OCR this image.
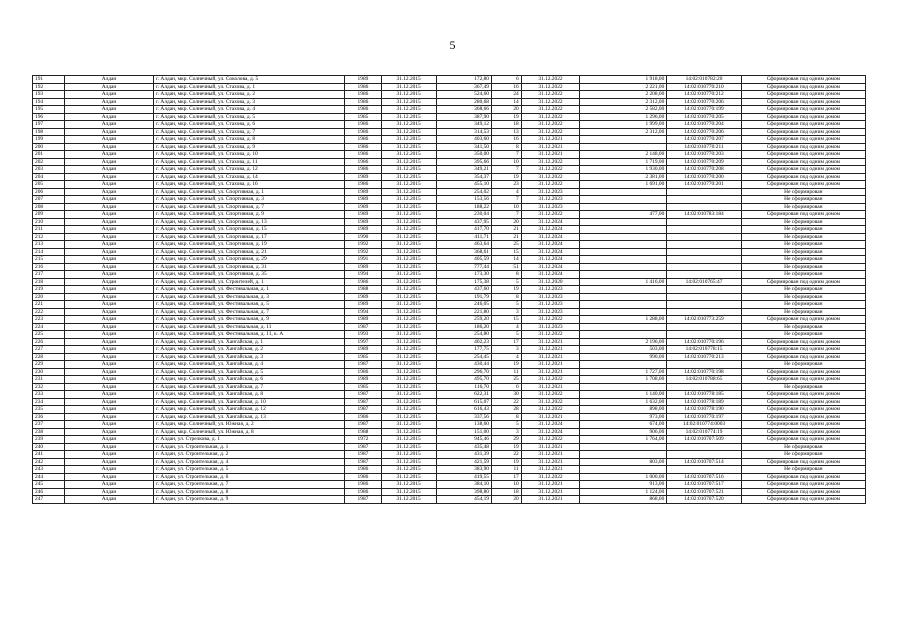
5
191	Алдан	г. Алдан, мкр. Солнечный, ул. Соколова, д. 5	1989	31.12.2015	172,80	6	31.12.2022	1 918,00	14:02:010782:20	Сформирован под одним домом
192	Алдан	г. Алдан, мкр. Солнечный, ул. Стахова, д. 1	1986	31.12.2015	367,49	16	31.12.2022	2 221,00	14:02:010770:210	Сформирован под одним домом
193	Алдан	г. Алдан, мкр. Солнечный, ул. Стахова, д. 2	1986	31.12.2015	524,60	24	31.12.2022	2 208,00	14:02:010770:212	Сформирован под одним домом
194	Алдан	г. Алдан, мкр. Солнечный, ул. Стахова, д. 3	1986	31.12.2015	280,68	14	31.12.2022	2 312,00	14:02:010770:206	Сформирован под одним домом
195	Алдан	г. Алдан, мкр. Солнечный, ул. Стахова, д. 4	1986	31.12.2015	368,66	20	31.12.2022	2 582,00	14:02:010770:199	Сформирован под одним домом
196	Алдан	г. Алдан, мкр. Солнечный, ул. Стахова, д. 5	1985	31.12.2015	387,90	19	31.12.2022	1 296,00	14:02:010770:205	Сформирован под одним домом
197	Алдан	г. Алдан, мкр. Солнечный, ул. Стахова, д. 6	1986	31.12.2015	349,12	18	31.12.2022	1 999,00	14:02:010770:204	Сформирован под одним домом
198	Алдан	г. Алдан, мкр. Солнечный, ул. Стахова, д. 7	1986	31.12.2015	314,53	13	31.12.2022	2 312,00	14:02:020770:206	Сформирован под одним домом
199	Алдан	г. Алдан, мкр. Солнечный, ул. Стахова, д. 8	1986	31.12.2015	403,60	16	31.12.2021		14:02:010770:207	Сформирован под одним домом
200	Алдан	г. Алдан, мкр. Солнечный, ул. Стахова, д. 9	1986	31.12.2015	341,50	8	31.12.2021		14:02:010770:211	Сформирован под одним домом
201	Алдан	г. Алдан, мкр. Солнечный, ул. Стахова, д. 10	1986	31.12.2015	350,00	7	31.12.2021	2 148,00	14:02:010770:203	Сформирован под одним домом
202	Алдан	г. Алдан, мкр. Солнечный, ул. Стахова, д. 11	1986	31.12.2015	395,66	10	31.12.2022	1 719,00	14:02:010770:209	Сформирован под одним домом
203	Алдан	г. Алдан, мкр. Солнечный, ул. Стахова, д. 12	1986	31.12.2015	349,21	7	31.12.2022	1 930,00	14:02:010770:208	Сформирован под одним домом
204	Алдан	г. Алдан, мкр. Солнечный, ул. Стахова, д. 14	1989	31.12.2015	354,37	19	31.12.2022	2 381,00	14:02:010770:200	Сформирован под одним домом
205	Алдан	г. Алдан, мкр. Солнечный, ул. Стахова, д. 16	1986	31.12.2015	455,10	23	31.12.2022	1 691,00	14:02:010770:201	Сформирован под одним домом
206	Алдан	г. Алдан, мкр. Солнечный, ул. Спортивная, д. 1	1989	31.12.2015	254,02	4	31.12.2023			Не сформирован
207	Алдан	г. Алдан, мкр. Солнечный, ул. Спортивная, д. 3	1989	31.12.2015	153,56	7	31.12.2023			Не сформирован
208	Алдан	г. Алдан, мкр. Солнечный, ул. Спортивная, д. 7	1989	31.12.2015	188,22	10	31.12.2023			Не сформирован
209	Алдан	г. Алдан, мкр. Солнечный, ул. Спортивная, д. 9	1989	31.12.2015	230,04	7	31.12.2022	477,00	14:02:010783:184	Сформирован под одним домом
210	Алдан	г. Алдан, мкр. Солнечный, ул. Спортивная, д. 13	1989	31.12.2015	437,95	20	31.12.2024			Не сформирован
211	Алдан	г. Алдан, мкр. Солнечный, ул. Спортивная, д. 15	1989	31.12.2015	417,70	21	31.12.2024			Не сформирован
212	Алдан	г. Алдан, мкр. Солнечный, ул. Спортивная, д. 17	1990	31.12.2015	411,71	21	31.12.2024			Не сформирован
213	Алдан	г. Алдан, мкр. Солнечный, ул. Спортивная, д. 19	1992	31.12.2015	463,64	25	31.12.2024			Не сформирован
214	Алдан	г. Алдан, мкр. Солнечный, ул. Спортивная, д. 21	1992	31.12.2015	368,61	15	31.12.2024			Не сформирован
215	Алдан	г. Алдан, мкр. Солнечный, ул. Спортивная, д. 29	1991	31.12.2015	405,59	14	31.12.2024			Не сформирован
216	Алдан	г. Алдан, мкр. Солнечный, ул. Спортивная, д. 31	1989	31.12.2015	777,44	51	31.12.2024			Не сформирован
217	Алдан	г. Алдан, мкр. Солнечный, ул. Спортивная, д. 35	1994	31.12.2015	173,30	8	31.12.2024			Не сформирован
218	Алдан	г. Алдан, мкр. Солнечный, ул. Строителей, д. 1	1986	31.12.2015	175,38	5	31.12.2020	1 416,00	14:02:010765:47	Сформирован под одним домом
219	Алдан	г. Алдан, мкр. Солнечный, ул. Фестивальная, д. 1	1988	31.12.2015	437,60	19	31.12.2023			Не сформирован
220	Алдан	г. Алдан, мкр. Солнечный, ул. Фестивальная, д. 3	1989	31.12.2015	191,79	8	31.12.2023			Не сформирован
221	Алдан	г. Алдан, мкр. Солнечный, ул. Фестивальная, д. 5	1989	31.12.2015	246,05	5	31.12.2023			Не сформирован
222	Алдан	г. Алдан, мкр. Солнечный, ул. Фестивальная, д. 7	1994	31.12.2015	221,80	3	31.12.2023			Не сформирован
223	Алдан	г. Алдан, мкр. Солнечный, ул. Фестивальная, д. 9	1989	31.12.2015	259,20	15	31.12.2022	1 288,00	14:02:010773:259	Сформирован под одним домом
224	Алдан	г. Алдан, мкр. Солнечный, ул. Фестивальная, д. 11	1987	31.12.2015	186,20	4	31.12.2023			Не сформирован
225	Алдан	г. Алдан, мкр. Солнечный, ул. Фестивальная, д. 11, к. А	1993	31.12.2015	254,80	5	31.12.2022			Не сформирован
226	Алдан	г. Алдан, мкр. Солнечный, ул. Хангайская, д. 1	1997	31.12.2015	402,23	17	31.12.2021	2 196,00	14:02:010770:196	Сформирован под одним домом
227	Алдан	г. Алдан, мкр. Солнечный, ул. Хангайская, д. 2	1989	31.12.2015	177,75	3	31.12.2021	503,00	14:02:010778:15	Сформирован под одним домом
228	Алдан	г. Алдан, мкр. Солнечный, ул. Хангайская, д. 3	1985	31.12.2015	254,45	4	31.12.2021	990,00	14:02:010770:213	Сформирован под одним домом
229	Алдан	г. Алдан, мкр. Солнечный, ул. Хангайская, д. 4	1987	31.12.2015	430,44	19	31.12.2021			Не сформирован
230	Алдан	г. Алдан, мкр. Солнечный, ул. Хангайская, д. 5	1986	31.12.2015	296,70	11	31.12.2021	1 727,00	14:02:010770:198	Сформирован под одним домом
231	Алдан	г. Алдан, мкр. Солнечный, ул. Хангайская, д. 6	1989	31.12.2015	495,70	25	31.12.2022	1 708,00	14:02:010788:65	Сформирован под одним домом
232	Алдан	г. Алдан, мкр. Солнечный, ул. Хангайская, д. 7	1985	31.12.2015	116,70	6	31.12.2021			Не сформирован
233	Алдан	г. Алдан, мкр. Солнечный, ул. Хангайская, д. 8	1987	31.12.2015	622,31	30	31.12.2022	1 140,00	14:02:010778:185	Сформирован под одним домом
234	Алдан	г. Алдан, мкр. Солнечный, ул. Хангайская, д. 10	1987	31.12.2015	615,07	22	31.12.2022	1 632,00	14:02:010778:189	Сформирован под одним домом
235	Алдан	г. Алдан, мкр. Солнечный, ул. Хангайская, д. 12	1987	31.12.2015	616,43	28	31.12.2022	898,00	14:02:010778:190	Сформирован под одним домом
236	Алдан	г. Алдан, мкр. Солнечный, ул. Хангайская, д. 13	1986	31.12.2015	337,56	8	31.12.2021	973,00	14:02:010770:197	Сформирован под одним домом
237	Алдан	г. Алдан, мкр. Солнечный, ул. Южная, д. 2	1987	31.12.2015	138,60	5	31.12.2024	674,00	14:02:010774:0003	Сформирован под одним домом
238	Алдан	г. Алдан, мкр. Солнечный, ул. Южная, д. 8	1988	31.12.2015	151,00	3	31.12.2024	906,00	14:02:010774:19	Сформирован под одним домом
239	Алдан	г. Алдан, ул. Стрелкова, д. 1	1972	31.12.2015	945,46	29	31.12.2022	1 764,00	14:02:010707:509	Сформирован под одним домом
240	Алдан	г. Алдан, ул. Строительная, д. 1	1987	31.12.2015	435,48	19	31.12.2021			Не сформирован
241	Алдан	г. Алдан, ул. Строительная, д. 2	1987	31.12.2015	431,39	22	31.12.2021			Не сформирован
242	Алдан	г. Алдан, ул. Строительная, д. 4	1987	31.12.2015	421,59	19	31.12.2021	803,00	14:02:010707:514	Сформирован под одним домом
243	Алдан	г. Алдан, ул. Строительная, д. 5	1986	31.12.2015	383,90	11	31.12.2021			Не сформирован
244	Алдан	г. Алдан, ул. Строительная, д. 6	1986	31.12.2015	419,55	17	31.12.2022	1 000,00	14:02:010707:516	Сформирован под одним домом
245	Алдан	г. Алдан, ул. Строительная, д. 7	1986	31.12.2015	384,10	10	31.12.2021	913,00	14:02:010707:517	Сформирован под одним домом
246	Алдан	г. Алдан, ул. Строительная, д. 8	1986	31.12.2015	398,80	18	31.12.2021	1 124,00	14:02:010707:521	Сформирован под одним домом
247	Алдан	г. Алдан, ул. Строительная, д. 9	1987	31.12.2015	454,19	20	31.12.2021	868,00	14:02:010707:520	Сформирован под одним домом
